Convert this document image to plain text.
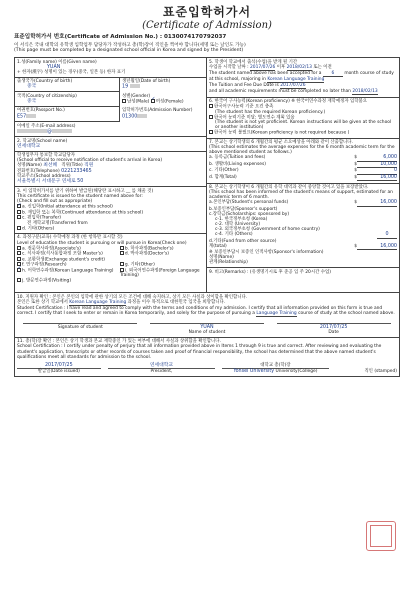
표준입학허가서
(Certificate of Admission)
표준입학허가서 번호(Certificate of Admission No.) : 0130074170792037
이 서식은 국내 대학의 유학생 입학업무 담당자가 작성하고 총(학)장이 직인을 찍어야 합니다(세명 또는 날인도 가능)
(This page must be completed by a designated school official in Korea and signed by the President)
1.성(Family name) 이름(Given name)
YUAN
+ 한자(漢字) 성명이 있는 경우(중국, 일본 등) 한자 표기
출생국가(Country of birth)
중국
생년월일(Date of birth)
19
국적(Country of citizenship)
중국
성별(Gender)
남성(Male) ✓ 여성(Female)
여권번호(Passport No.)
E57
입학허가번호(Admission Number)
01300
이메일 주소(E-mail address)
@
2. 학교명(School name)
연세대학교
학생업무자 통보할 학교담당자
(School official to receive notification of student's arrival in Korea)
성명(Name) 최선혜 직위(Title) 직원
전화번호(Telephone) 0221233465
학교주소(School address)
서울특별시 서대문구 연세로 50
3. 이 입학허가서를 받기 위하여 발급된(해당란 표시하고 __ 를 채울 것)
This certificate is issued to the student named above for:
(Check and fill out as appropriate)
✓a. 신입학(Initial attendance at this school)
b. 재입학 또는 복학(Continued attendance at this school)
c. 편입학(Transfer)
전 재학교명(Transferred from
d. 기타(Others)
4. 과정구분(교육) 수학예정 과정 (한 항목만 표시할 것)
Level of education the student is pursuing or will pursue in Korea(Check one)
a. 전문학사과정(Associate's)	b. 학사과정(Bachelor's)
c. 석사과정(석사통합과정 포함 Master's)	d. 박사과정(Doctor's)
e. 교환학생(Exchange student's credit)
f. 연구과정(Research)	g. 기타(Other)
✓h. 어학연수과정(Korean Language Training)	i. 외국어연수과정(Foreign Language Training)
j. 방문연수과정(Visiting)
5. 학생이 학교에서 출석(수업)을 받게 될 기간
수업을 시작할 날짜 : 2017/07/26 이후 2018/02/13 또는 이전
The student named above has been accepted for a 6 month course of study at this school, majoring in Korean Language Training
The Tuition and Fee Due Date is 2017/07/26
and all academic requirements must be completed no later than 2018/02/13
6. 한국어 구사능력(Korean proficiency) ※ 한국어연수과정 재학예정자 입학불요
한국어구사능력 기준 요건 충족
(The student has the required Korean proficiency.)
한국어 능력기준 미달: 별도연수 계획 있음
(The student is not yet proficient. Korean instructions will be given at the school or another institution)
한국어 능력 불필요(Korean proficiency is not required because )
7. 본교는 상기학생의 6 개월간의 평균 소요예상을 아래와 같이 산출합니다.
(This school estimates the average expenses for the 6 month academic term for the above mentioned student as follows.)
a. 등록금(Tuition and fees)	$	6,000
b. 생활비(Living expenses)	$	10,000
c. 기타(Other)	$	0
d. 합계(Total)	$	16,000
8. 본교는 상기학생이 6 개월간의 유학 대역과 같이 중앙할 것이고 있을 보장받았다.
(This school has been informed of the student's means of support, estimated for an academic term of 6 month.
a.본인부담(Student's personal funds)	$	16,000
b.보증인부담(Sponsor's support)
c.장학금(Scholarships: sponsored by)
c-1. 한국정부초청 (Korea)
c-2. 대학 (University)
c-3. 외국정부초청 (Government of home country)
c-4. 기타 (Others)	0
d.기타(Fund from other source)
계(total)	$	16,000
※ 보증인부담시 보증인 인적사항(Sponsor's information)
성명(Name)
관계(Relationship)
9. 비고(Remarks) : (유생명기시로 후 준공 입 주 20시간 수업)
10. 지원자 확인 : 본인은 본인의 입학에 관한 상기의 모든 조건에 대해 숙지하고, 상기 모든 사실과 상이함을 확인합니다.
본인은 또한 상기 학교에서 Korean Language Training 과정을 이수 목적으로 대한민국 입국을 희망합니다.
Student Certification : I have read and agreed to comply with the terms and conditions of my admission. I certify that all information provided on this form is true and correct. I certify that I seek to enter or remain in Korea temporarily, and solely for the purpose of pursuing a Language Training course of study at the school named above.
Signature of student	YUAN
Name of student
2017/07/25
Date
11. 총(학)장 확인 : 본인은 상기 학생과 본교 재학중인 가 있는 여부에 대해서 사실과 상위함을 확인합니다.
School Certification : I certify under penalty of perjury that all information provided above in Items 1 through 9 is true and correct. After reviewing and evaluating the student's application, transcripts or other records of courses taken and proof of financial responsibility, the school has determined that the above named student's qualifications meet all standards for admission to the school.
2017/07/25
발급일(Date issued)
연세대학교
President,
대학교 총(학)장
Yonsei University University(College)	직인 (stamped)
